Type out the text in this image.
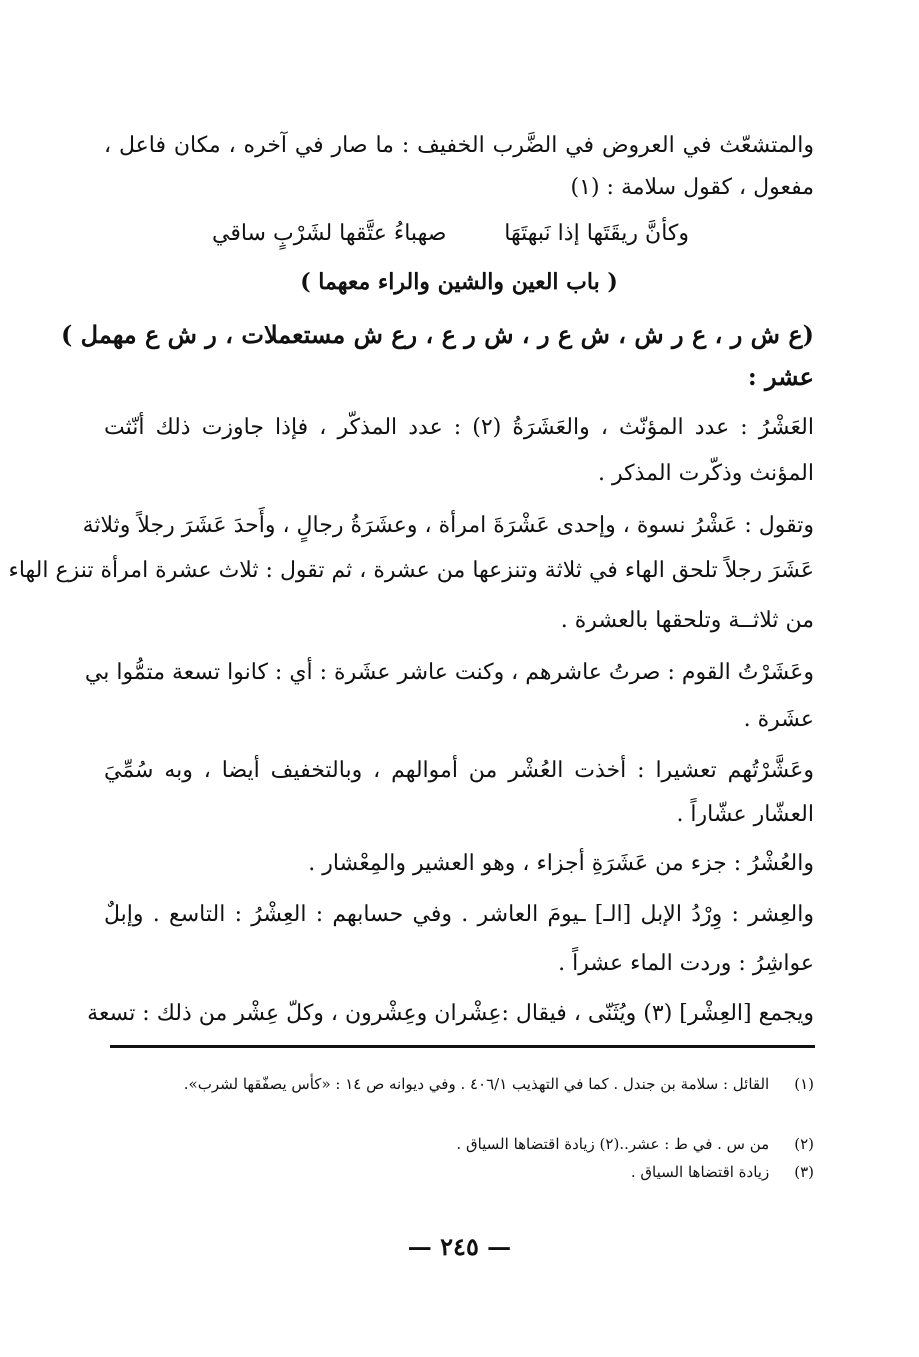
والمتشعّث في العروض في الضَّرب الخفيف : ما صار في آخره ، مكان فاعل ،
مفعول ، كقول سلامة : (١)
وكأنَّ ريقَتَها إذا نَبهتَهَا
صهباءُ عتَّقها لشَرْبٍ ساقي
( باب العين والشين والراء معهما )
(ع ش ر ، ع ر ش ، ش ع ر ، ش ر ع ، رع ش مستعملات ، ر ش ع مهمل )
عشر :
العَشْرُ : عدد المؤنّث ، والعَشَرَةُ (٢) : عدد المذكّر ، فإذا جاوزت ذلك أنّثت
المؤنث وذكّرت المذكر .
وتقول : عَشْرُ نسوة ، وإحدى عَشْرَةَ امرأة ، وعشَرَةُ رجالٍ ، وأَحدَ عَشَرَ رجلاً وثلاثة
عَشَرَ رجلاً تلحق الهاء في ثلاثة وتنزعها من عشرة ، ثم تقول : ثلاث عشرة امرأة تنزع الهاء
من ثلاثــة وتلحقها بالعشرة .
وعَشَرْتُ القوم : صرتُ عاشرهم ، وكنت عاشر عشَرة : أي : كانوا تسعة متمُّوا بي
عشَرة .
وعَشَّرْتُهم تعشيرا : أخذت العُشْر من أموالهم ، وبالتخفيف أيضا ، وبه سُمِّيَ
العشّار عشّاراً .
والعُشْرُ : جزء من عَشَرَةِ أجزاء ، وهو العشير والمِعْشار .
والعِشر : وِرْدُ الإبل [الـ] ـيومَ العاشر . وفي حسابهم : العِشْرُ : التاسع . وإبلٌ
عواشِرُ : وردت الماء عشراً .
ويجمع [العِشْر] (٣) ويُثَنّى ، فيقال :عِشْران وعِشْرون ، وكلّ عِشْر من ذلك : تسعة
(١) القائل : سلامة بن جندل . كما في التهذيب ٤٠٦/١ . وفي ديوانه ص ١٤ : «كأس يصفّقها لشرب».
(٢) من س . في ط : عشر..(٢) زيادة اقتضاها السياق .
(٣) زيادة اقتضاها السياق .
— ٢٤٥ —
